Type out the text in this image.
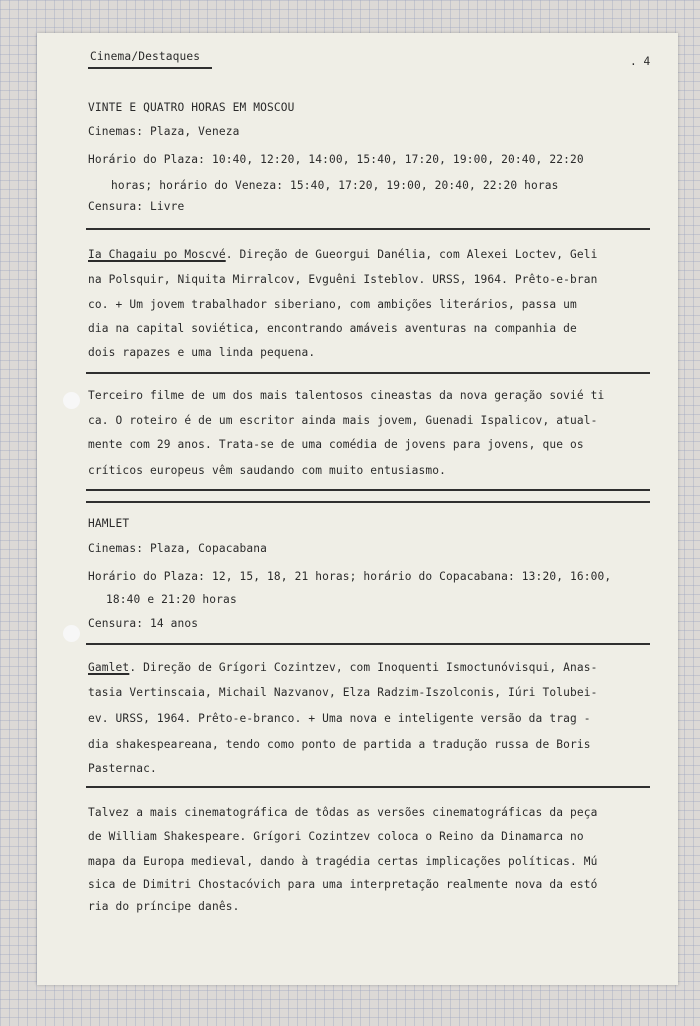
Cinema/Destaques	. 4
VINTE E QUATRO HORAS EM MOSCOU
Cinemas: Plaza, Veneza
Horário do Plaza: 10:40, 12:20, 14:00, 15:40, 17:20, 19:00, 20:40, 22:20
horas; horário do Veneza: 15:40, 17:20, 19:00, 20:40, 22:20 horas
Censura: Livre
Ia Chagaiu po Moscvé. Direção de Gueorgui Danélia, com Alexei Loctev, Geli
na Polsquir, Niquita Mirralcov, Evguêni Isteblov. URSS, 1964. Prêto-e-bran
co. + Um jovem trabalhador siberiano, com ambições literários, passa um
dia na capital soviética, encontrando amáveis aventuras na companhia de
dois rapazes e uma linda pequena.
Terceiro filme de um dos mais talentosos cineastas da nova geração sovié ti
ca. O roteiro é de um escritor ainda mais jovem, Guenadi Ispalicov, atual-
mente com 29 anos. Trata-se de uma comédia de jovens para jovens, que os
críticos europeus vêm saudando com muito entusiasmo.
HAMLET
Cinemas: Plaza, Copacabana
Horário do Plaza: 12, 15, 18, 21 horas; horário do Copacabana: 13:20, 16:00,
18:40 e 21:20 horas
Censura: 14 anos
Gamlet. Direção de Grígori Cozintzev, com Inoquenti Ismoctunóvisqui, Anas-
tasia Vertinscaia, Michail Nazvanov, Elza Radzim-Iszolconis, Iúri Tolubei-
ev. URSS, 1964. Prêto-e-branco. + Uma nova e inteligente versão da trag -
dia shakespeareana, tendo como ponto de partida a tradução russa de Boris
Pasternac.
Talvez a mais cinematográfica de tôdas as versões cinematográficas da peça
de William Shakespeare. Grígori Cozintzev coloca o Reino da Dinamarca no
mapa da Europa medieval, dando à tragédia certas implicações políticas. Mú
sica de Dimitri Chostacóvich para uma interpretação realmente nova da estó
ria do príncipe danês.
